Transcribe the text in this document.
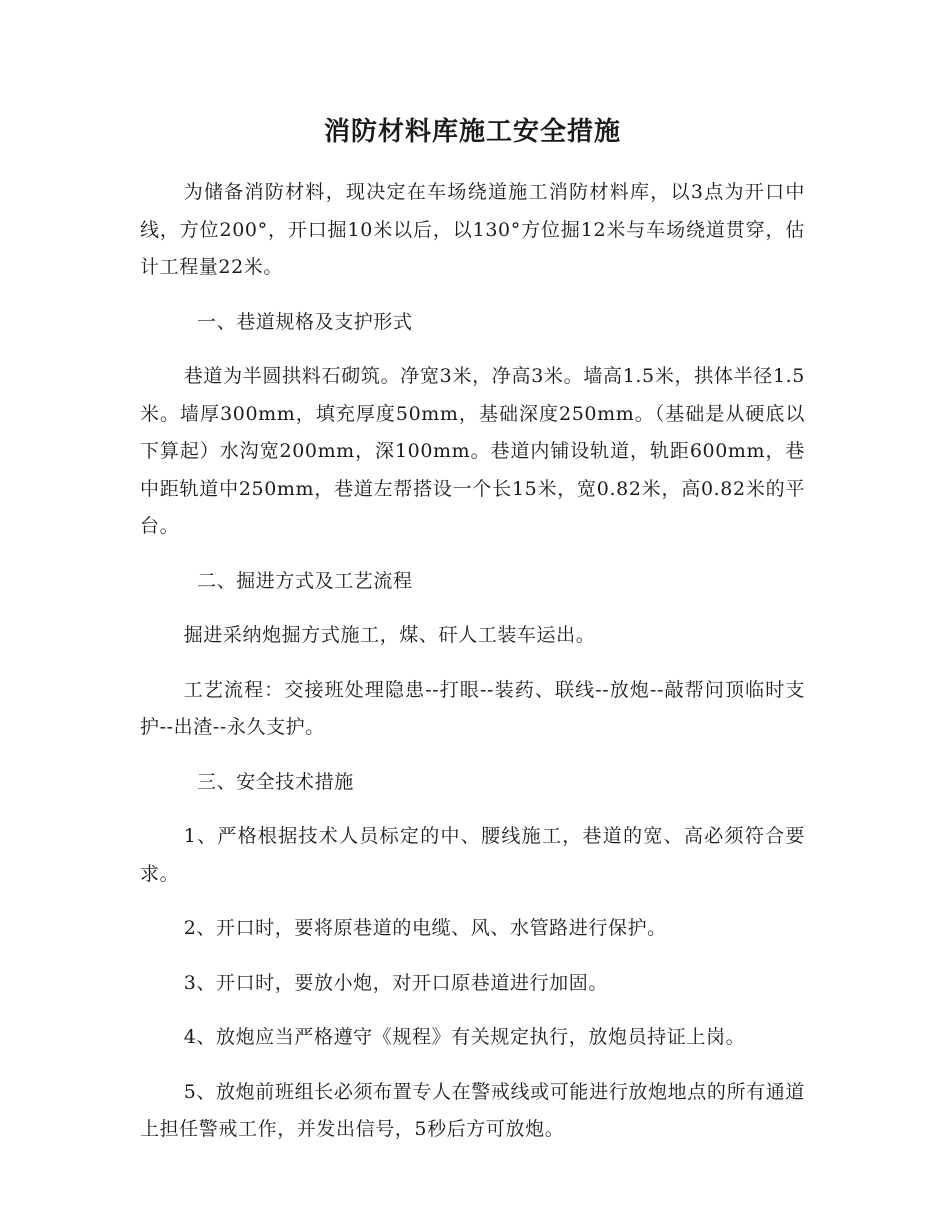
消防材料库施工安全措施

为储备消防材料，现决定在车场绕道施工消防材料库，以3点为开口中线，方位200°，开口掘10米以后，以130°方位掘12米与车场绕道贯穿，估计工程量22米。

一、巷道规格及支护形式

巷道为半圆拱料石砌筑。净宽3米，净高3米。墙高1.5米，拱体半径1.5米。墙厚300mm，填充厚度50mm，基础深度250mm。（基础是从硬底以下算起）水沟宽200mm，深100mm。巷道内铺设轨道，轨距600mm，巷中距轨道中250mm，巷道左帮搭设一个长15米，宽0.82米，高0.82米的平台。

二、掘进方式及工艺流程

掘进采纳炮掘方式施工，煤、矸人工装车运出。

工艺流程：交接班处理隐患--打眼--装药、联线--放炮--敲帮问顶临时支护--出渣--永久支护。

三、安全技术措施

1、严格根据技术人员标定的中、腰线施工，巷道的宽、高必须符合要求。

2、开口时，要将原巷道的电缆、风、水管路进行保护。

3、开口时，要放小炮，对开口原巷道进行加固。

4、放炮应当严格遵守《规程》有关规定执行，放炮员持证上岗。

5、放炮前班组长必须布置专人在警戒线或可能进行放炮地点的所有通道上担任警戒工作，并发出信号，5秒后方可放炮。
